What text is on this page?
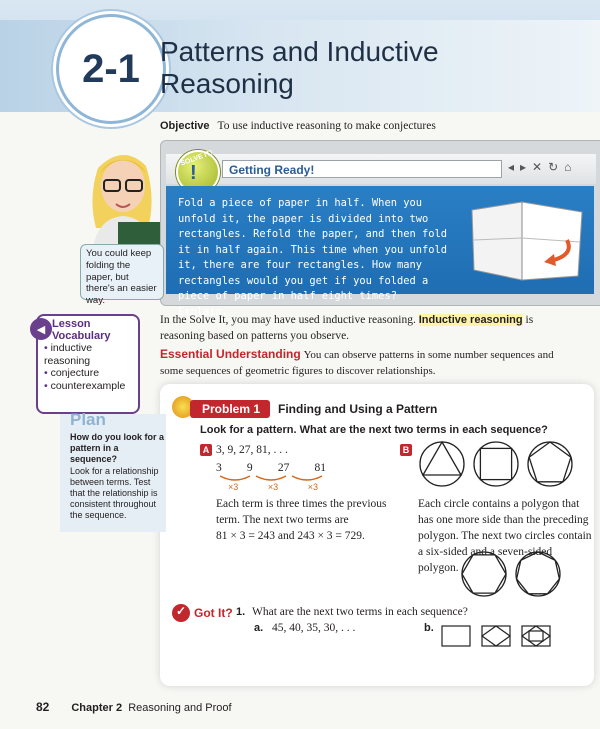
2-1 Patterns and Inductive
Reasoning
Objective To use inductive reasoning to make conjectures
SOLVE IT!
!	Getting Ready!	◂▸✕↻⌂
Fold a piece of paper in half. When you unfold it, the paper is divided into two rectangles. Refold the paper, and then fold it in half again. This time when you unfold it, there are four rectangles. How many rectangles would you get if you folded a piece of paper in half eight times? Explain.
You could keep folding the paper, but there's an easier way.
◀ Lesson
Vocabulary
• inductive reasoning
• conjecture
• counterexample
In the Solve It, you may have used inductive reasoning. Inductive reasoning is reasoning based on patterns you observe.
Essential Understanding You can observe patterns in some number sequences and some sequences of geometric figures to discover relationships.
Plan
How do you look for a pattern in a sequence?
Look for a relationship between terms. Test that the relationship is consistent throughout the sequence.
Problem 1	Finding and Using a Pattern
Look for a pattern. What are the next two terms in each sequence?
A 3, 9, 27, 81, . . .
3 9 27 81
×3	×3	×3
Each term is three times the previous term. The next two terms are
81 × 3 = 243 and 243 × 3 = 729.
B
Each circle contains a polygon that has one more side than the preceding polygon. The next two circles contain a six-sided and a seven-sided polygon.
✓ Got It? 1. What are the next two terms in each sequence?
a. 45, 40, 35, 30, . . .	b.
82 Chapter 2 Reasoning and Proof
